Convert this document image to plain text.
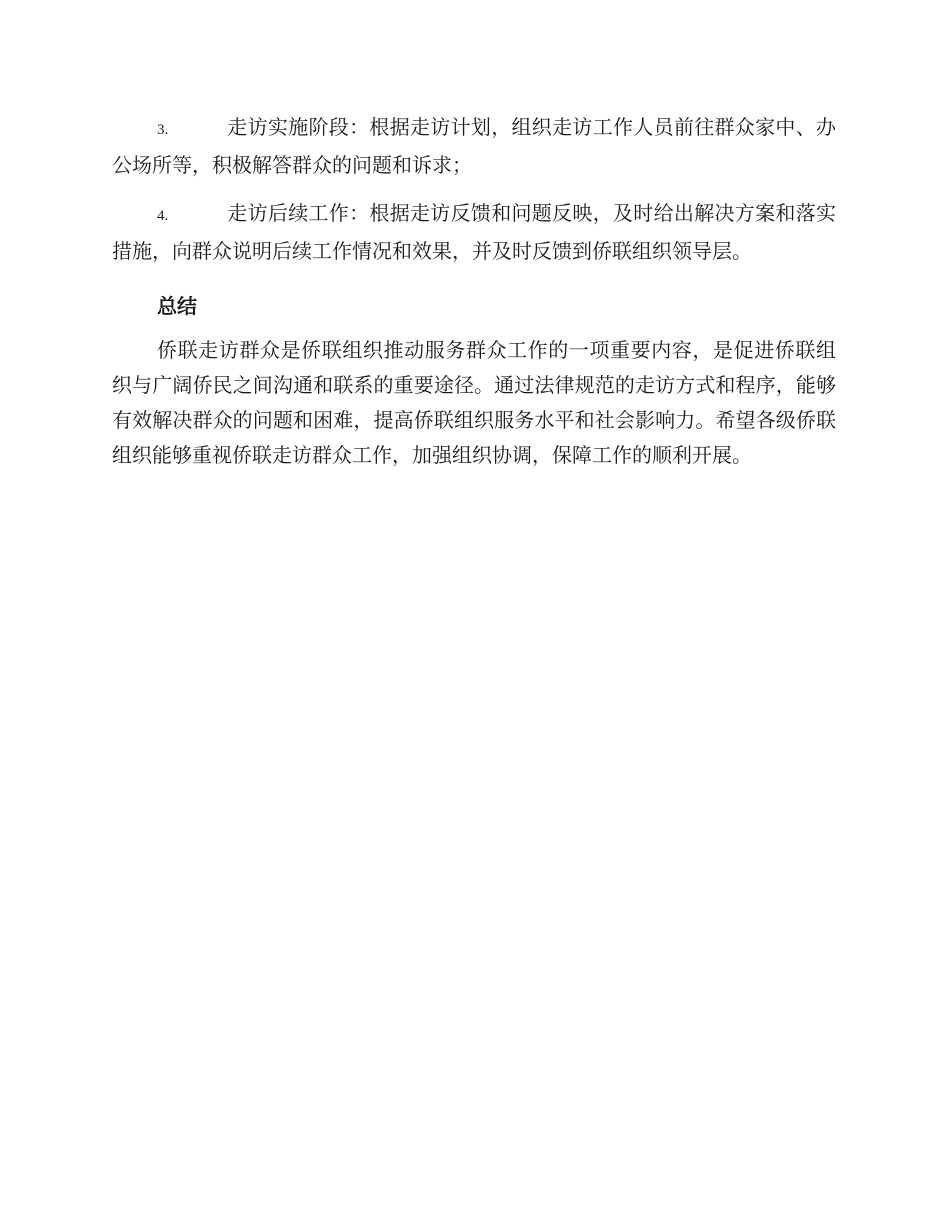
3.	走访实施阶段：根据走访计划，组织走访工作人员前往群众家中、办公场所等，积极解答群众的问题和诉求；

4.	走访后续工作：根据走访反馈和问题反映，及时给出解决方案和落实措施，向群众说明后续工作情况和效果，并及时反馈到侨联组织领导层。

总结

侨联走访群众是侨联组织推动服务群众工作的一项重要内容，是促进侨联组织与广阔侨民之间沟通和联系的重要途径。通过法律规范的走访方式和程序，能够有效解决群众的问题和困难，提高侨联组织服务水平和社会影响力。希望各级侨联组织能够重视侨联走访群众工作，加强组织协调，保障工作的顺利开展。
